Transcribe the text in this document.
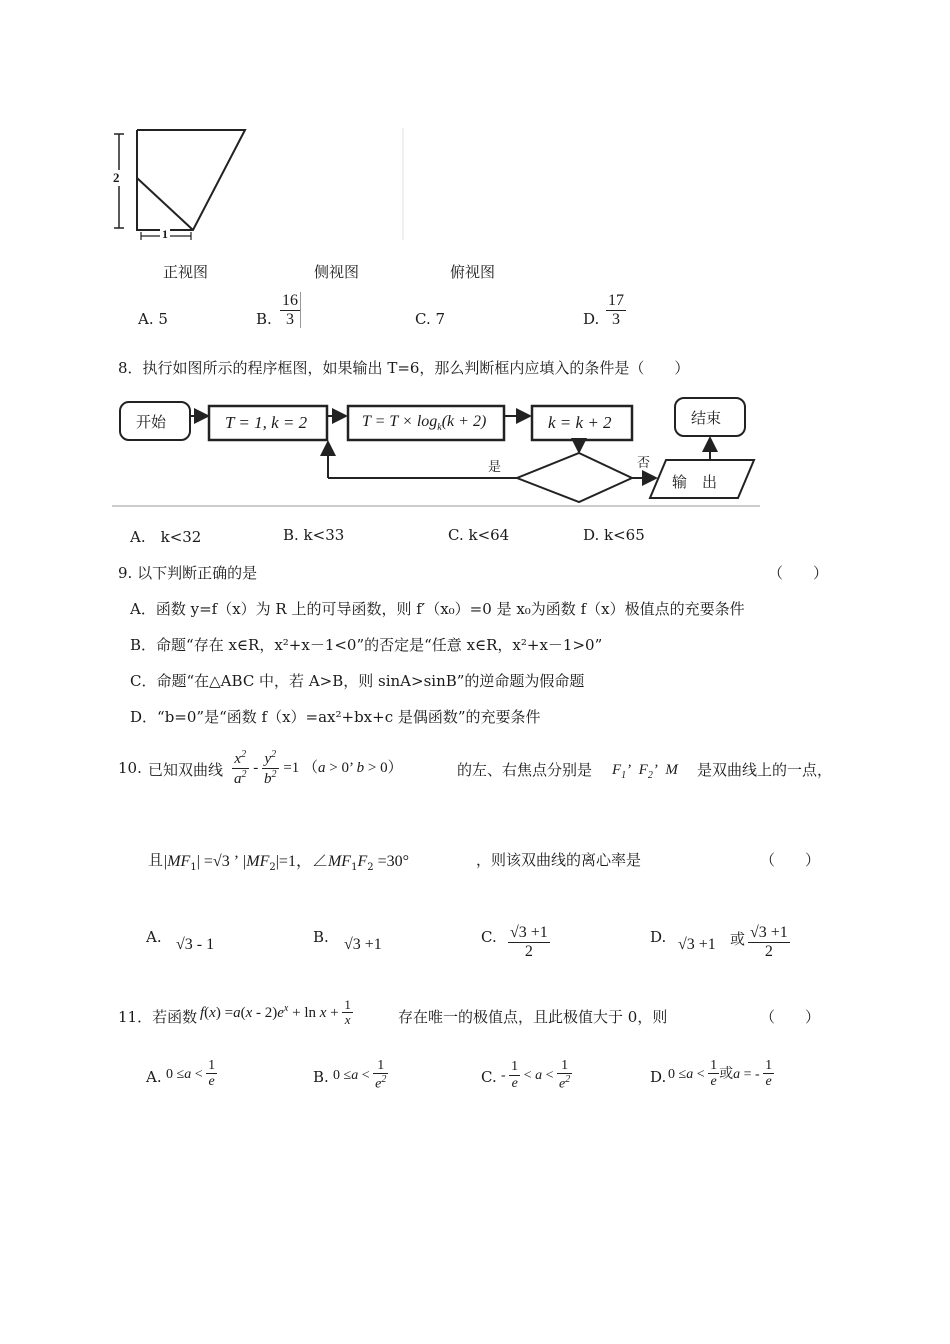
2
1
正视图	侧视图	俯视图
A. 5	B. $\frac{16}{3}$	C. 7	D. $\frac{17}{3}$
8．执行如图所示的程序框图，如果输出 T=6，那么判断框内应填入的条件是（　　）
开始	T = 1, k = 2	$T = T \times \log_k(k + 2)$	k = k + 2	结束
输　出
是	否
A.　k<32	B. k<33	C. k<64	D. k<65
9. 以下判断正确的是	（　　）
A．函数 y=f（x）为 R 上的可导函数，则 f′（x₀）=0 是 x₀为函数 f（x）极值点的充要条件
B．命题“存在 x∈R，x²+x－1<0”的否定是“任意 x∈R，x²+x－1>0”
C．命题“在△ABC 中，若 A>B，则 sinA>sinB”的逆命题为假命题
D．“b=0”是“函数 f（x）=ax²+bx+c 是偶函数”的充要条件
10. 已知双曲线 $\frac{x^2}{a^2} - \frac{y^2}{b^2} =1$ （a > 0’ b > 0）	的左、右焦点分别是 $F_1$’  $F_2$’  M 是双曲线上的一点，
且 $|MF_1| =√3$ ’ $|MF_2|=1$，$\angle MF_1F_2 =30^\circ$	，则该双曲线的离心率是	（　　）
A. √3 - 1	B. √3 +1	C. $\frac{√3 +1}{2}$	D. √3 +1 或 $\frac{√3 +1}{2}$
11．若函数 $f(x) =a(x - 2)e^x + \ln x + \frac{1}{x}$	存在唯一的极值点，且此极值大于 0，则	（　　）
A. $0 \le a < \frac{1}{e}$	B. $0 \le a < \frac{1}{e^2}$	C. - $\frac{1}{e} < a < \frac{1}{e^2}$	D. $0 \le a < \frac{1}{e}$ 或a = - $\frac{1}{e}$
